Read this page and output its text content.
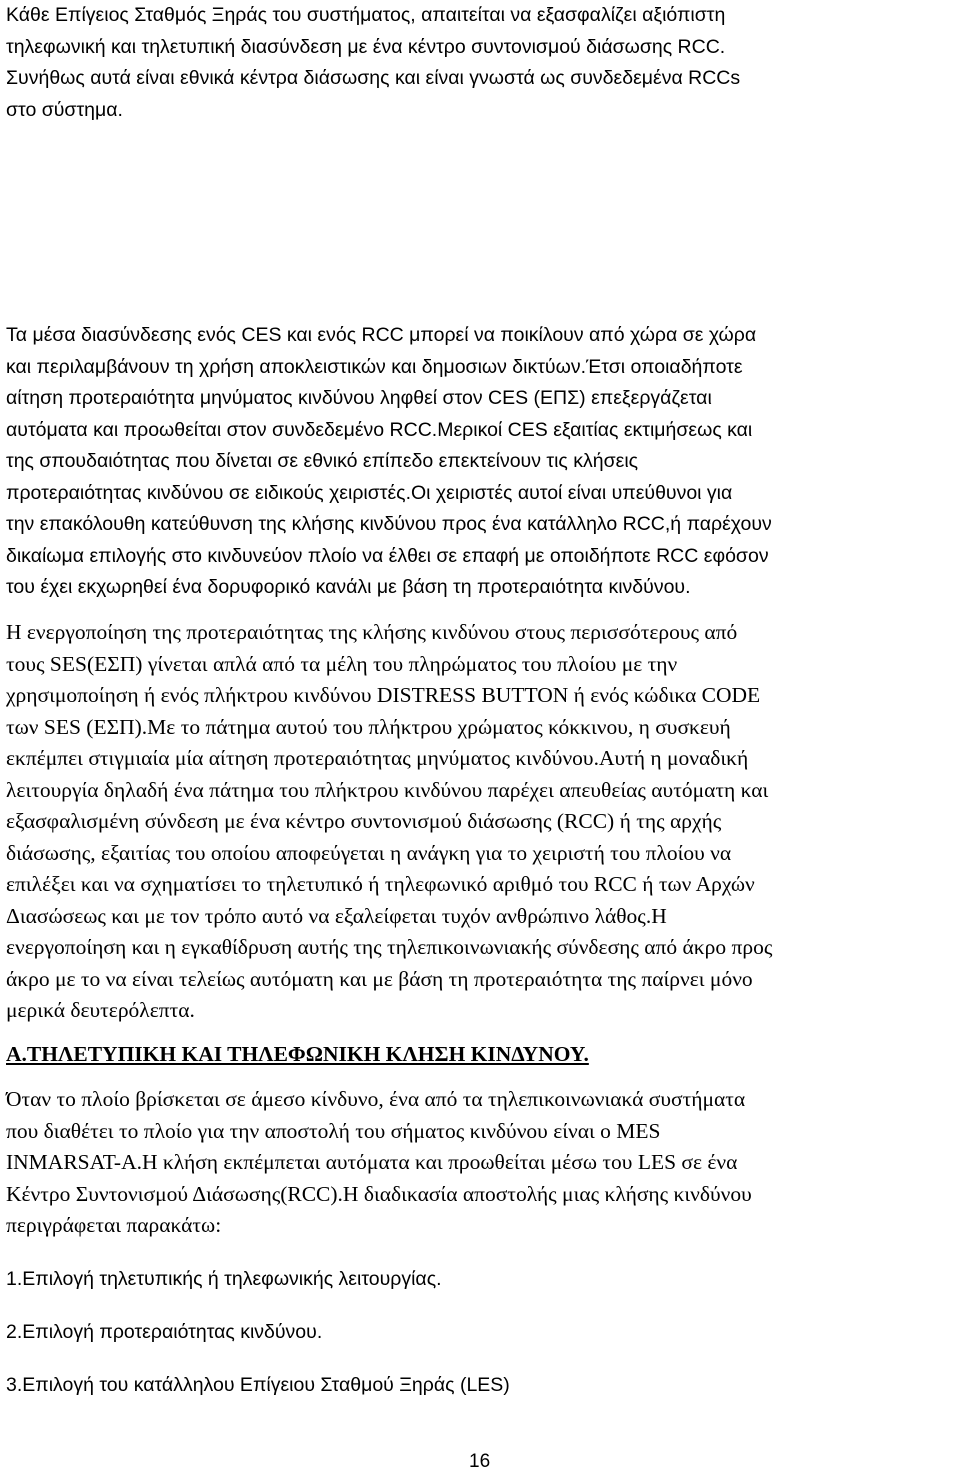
Κάθε Επίγειος Σταθμός Ξηράς του συστήματος, απαιτείται να εξασφαλίζει αξιόπιστη
τηλεφωνική και τηλετυπική διασύνδεση με ένα κέντρο συντονισμού διάσωσης RCC.
Συνήθως αυτά είναι εθνικά κέντρα διάσωσης και είναι γνωστά ως συνδεδεμένα RCCs
στο σύστημα.
Τα μέσα διασύνδεσης ενός CES και ενός RCC μπορεί να ποικίλουν από χώρα σε χώρα
και περιλαμβάνουν τη χρήση αποκλειστικών και δημοσιων δικτύων.Έτσι οποιαδήποτε
αίτηση προτεραιότητα μηνύματος κινδύνου ληφθεί στον CES (ΕΠΣ) επεξεργάζεται
αυτόματα και προωθείται στον συνδεδεμένο RCC.Μερικοί CES εξαιτίας εκτιμήσεως και
της σπουδαιότητας που δίνεται σε εθνικό επίπεδο επεκτείνουν τις κλήσεις
προτεραιότητας κινδύνου σε ειδικούς χειριστές.Οι χειριστές αυτοί είναι υπεύθυνοι για
την επακόλουθη κατεύθυνση της κλήσης κινδύνου προς ένα κατάλληλο RCC,ή παρέχουν
δικαίωμα επιλογής στο κινδυνεύον πλοίο να έλθει σε επαφή με οποιδήποτε RCC εφόσον
του έχει εκχωρηθεί ένα δορυφορικό κανάλι με βάση τη προτεραιότητα κινδύνου.
Η ενεργοποίηση της προτεραιότητας της κλήσης κινδύνου στους περισσότερους από
τους SES(ΕΣΠ) γίνεται απλά από τα μέλη του πληρώματος του πλοίου με την
χρησιμοποίηση ή ενός πλήκτρου κινδύνου DISTRESS BUTTON ή ενός κώδικα CODE
των SES (ΕΣΠ).Με το πάτημα αυτού του πλήκτρου χρώματος κόκκινου, η συσκευή
εκπέμπει στιγμιαία μία αίτηση προτεραιότητας μηνύματος κινδύνου.Αυτή η μοναδική
λειτουργία δηλαδή ένα πάτημα του πλήκτρου κινδύνου παρέχει απευθείας αυτόματη και
εξασφαλισμένη σύνδεση με ένα κέντρο συντονισμού διάσωσης (RCC) ή της αρχής
διάσωσης, εξαιτίας του οποίου αποφεύγεται η ανάγκη για το χειριστή του πλοίου να
επιλέξει και να σχηματίσει το τηλετυπικό ή τηλεφωνικό αριθμό του RCC ή των Αρχών
Διασώσεως και με τον τρόπο αυτό να εξαλείφεται τυχόν ανθρώπινο λάθος.Η
ενεργοποίηση και η εγκαθίδρυση αυτής της τηλεπικοινωνιακής σύνδεσης από άκρο προς
άκρο με το να είναι τελείως αυτόματη και με βάση τη προτεραιότητα της παίρνει μόνο
μερικά δευτερόλεπτα.
Α.ΤΗΛΕΤΥΠΙΚΗ ΚΑΙ ΤΗΛΕΦΩΝΙΚΗ ΚΛΗΣΗ ΚΙΝΔΥΝΟΥ.
Όταν το πλοίο βρίσκεται σε άμεσο κίνδυνο, ένα από τα τηλεπικοινωνιακά συστήματα
που διαθέτει το πλοίο για την αποστολή του σήματος κινδύνου είναι ο MES
INMARSAT-A.Η κλήση εκπέμπεται αυτόματα και προωθείται μέσω του LES σε ένα
Κέντρο Συντονισμού Διάσωσης(RCC).Η διαδικασία αποστολής μιας κλήσης κινδύνου
περιγράφεται παρακάτω:

1.Επιλογή τηλετυπικής ή τηλεφωνικής λειτουργίας.

2.Επιλογή προτεραιότητας κινδύνου.

3.Επιλογή του κατάλληλου Επίγειου Σταθμού Ξηράς (LES)

16
